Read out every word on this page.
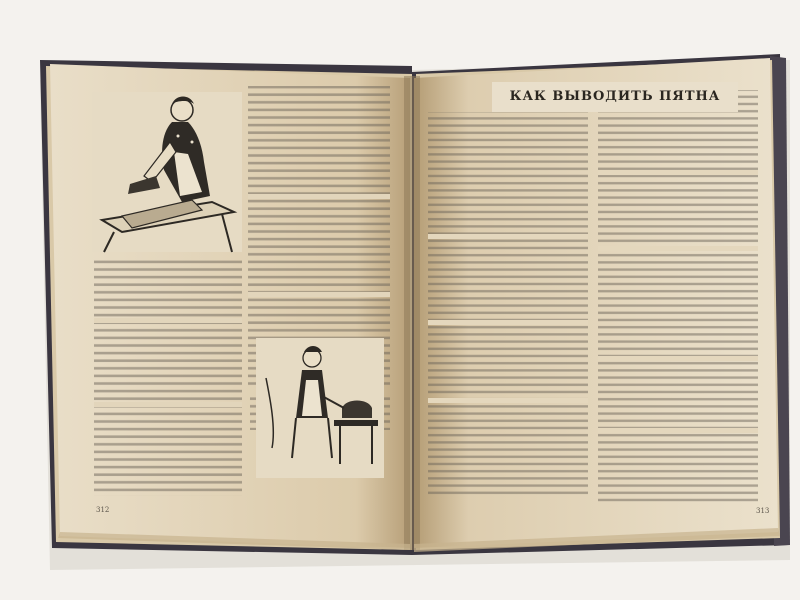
КАК ВЫВОДИТЬ ПЯТНА
312	313
